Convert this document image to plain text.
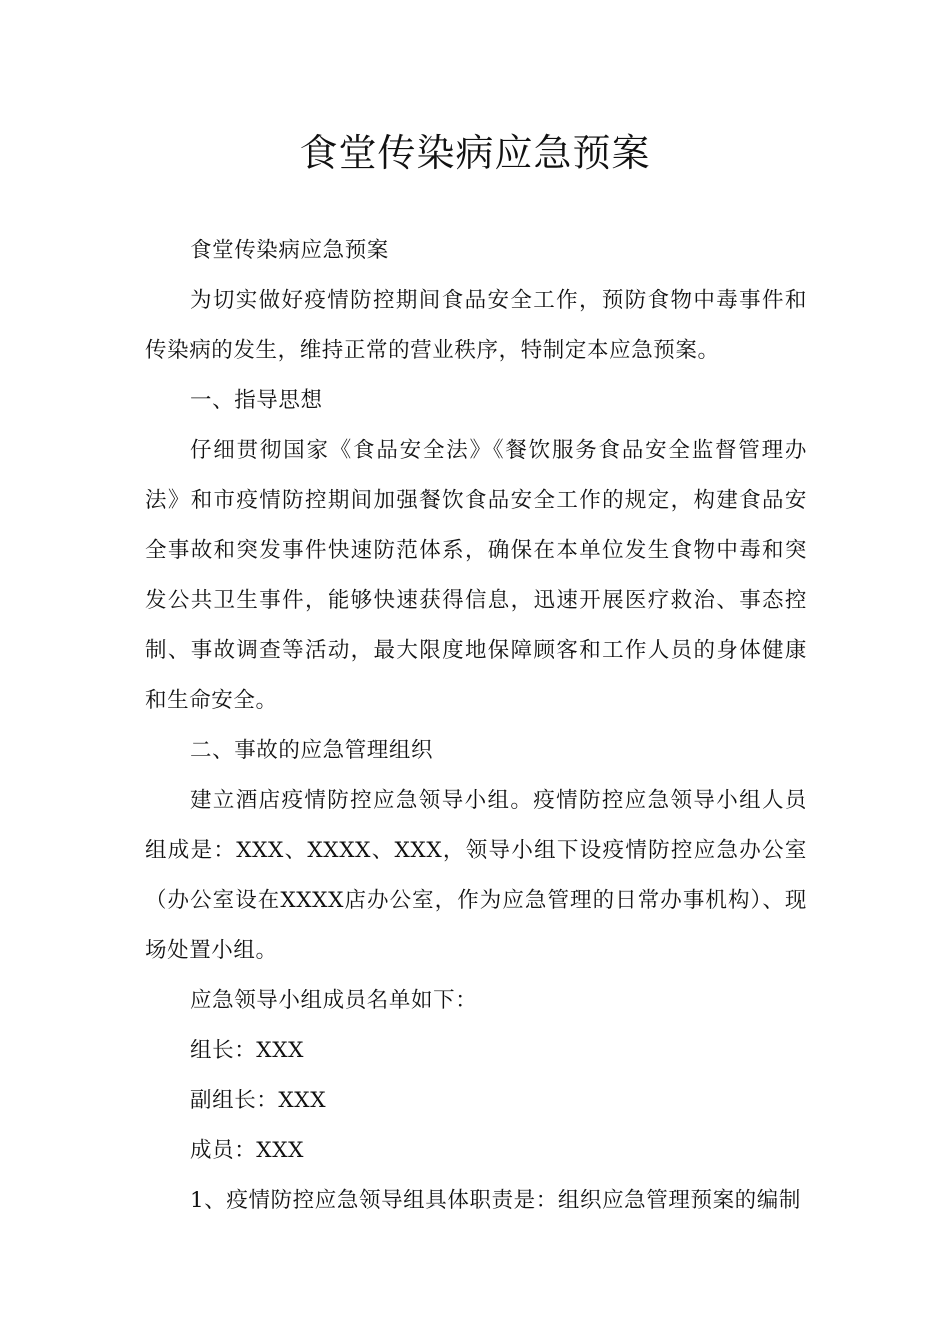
食堂传染病应急预案

食堂传染病应急预案

为切实做好疫情防控期间食品安全工作，预防食物中毒事件和传染病的发生，维持正常的营业秩序，特制定本应急预案。

一、指导思想

仔细贯彻国家《食品安全法》《餐饮服务食品安全监督管理办法》和市疫情防控期间加强餐饮食品安全工作的规定，构建食品安全事故和突发事件快速防范体系，确保在本单位发生食物中毒和突发公共卫生事件，能够快速获得信息，迅速开展医疗救治、事态控制、事故调查等活动，最大限度地保障顾客和工作人员的身体健康和生命安全。

二、事故的应急管理组织

建立酒店疫情防控应急领导小组。疫情防控应急领导小组人员组成是：XXX、XXXX、XXX，领导小组下设疫情防控应急办公室（办公室设在XXXX店办公室，作为应急管理的日常办事机构）、现场处置小组。

应急领导小组成员名单如下：

组长：XXX

副组长：XXX

成员：XXX

1、疫情防控应急领导组具体职责是：组织应急管理预案的编制
